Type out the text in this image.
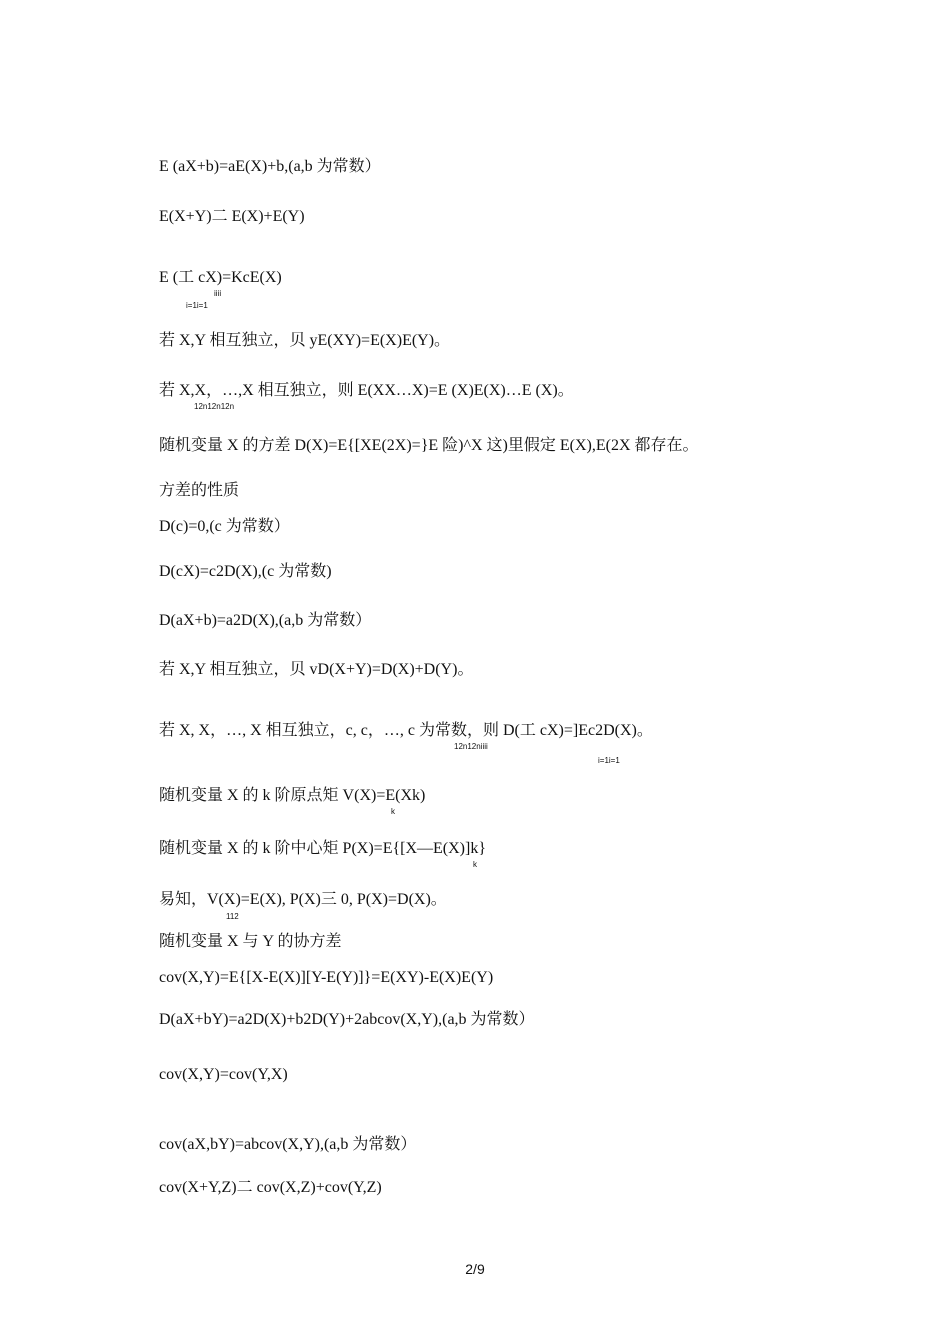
E (aX+b)=aE(X)+b,(a,b 为常数）
E(X+Y)二 E(X)+E(Y)
E (工 cX)=KcE(X)
iiii
i=1i=1
若 X,Y 相互独立，贝 yE(XY)=E(X)E(Y)。
若 X,X，…,X 相互独立，则 E(XX…X)=E (X)E(X)…E (X)。
12n12n12n
随机变量 X 的方差 D(X)=E{[XE(2X)=}E 险)^X 这)里假定 E(X),E(2X 都存在。
方差的性质
D(c)=0,(c 为常数）
D(cX)=c2D(X),(c 为常数)
D(aX+b)=a2D(X),(a,b 为常数）
若 X,Y 相互独立，贝 vD(X+Y)=D(X)+D(Y)。
若 X, X，…, X 相互独立，c, c，…, c 为常数，则 D(工 cX)=]Ec2D(X)。
12n12niiii
i=1i=1
随机变量 X 的 k 阶原点矩 V(X)=E(Xk)
k
随机变量 X 的 k 阶中心矩 P(X)=E{[X—E(X)]k}
k
易知，V(X)=E(X), P(X)三 0, P(X)=D(X)。
112
随机变量 X 与 Y 的协方差
cov(X,Y)=E{[X-E(X)][Y-E(Y)]}=E(XY)-E(X)E(Y)
D(aX+bY)=a2D(X)+b2D(Y)+2abcov(X,Y),(a,b 为常数）
cov(X,Y)=cov(Y,X)
cov(aX,bY)=abcov(X,Y),(a,b 为常数）
cov(X+Y,Z)二 cov(X,Z)+cov(Y,Z)
2/9
